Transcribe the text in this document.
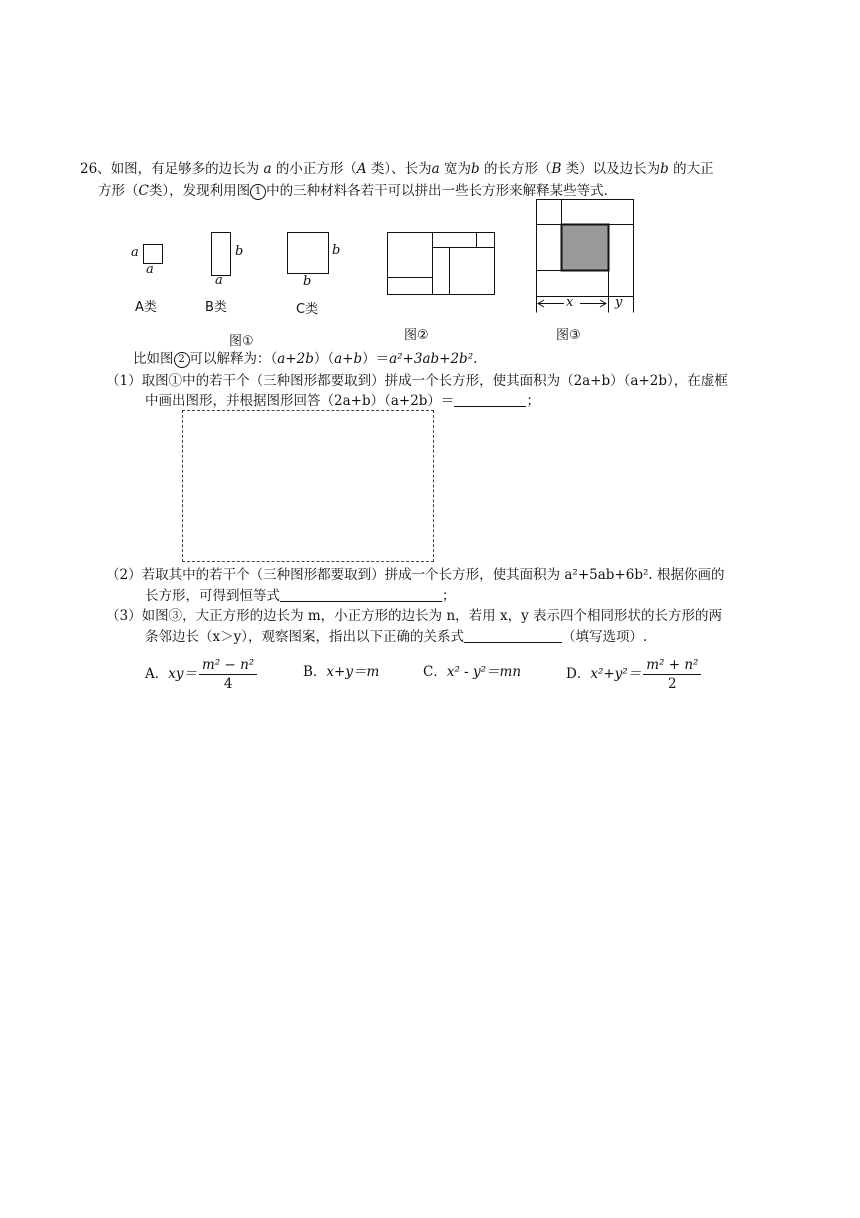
26、如图，有足够多的边长为 a 的小正方形（A 类）、长为a 宽为b 的长方形（B 类）以及边长为b 的大正
方形（C类），发现利用图 1 中的三种材料各若干可以拼出一些长方形来解释某些等式.
a
a
A类
b
a
B类
b
b
C类
图①	图②
x	y
图③
比如图 2 可以解释为：（a+2b）（a+b）＝a²+3ab+2b².
（1）取图①中的若干个（三种图形都要取到）拼成一个长方形，使其面积为（2a+b）（a+2b），在虚框
中画出图形，并根据图形回答（2a+b）（a+2b）＝	；
（2）若取其中的若干个（三种图形都要取到）拼成一个长方形，使其面积为 a²+5ab+6b². 根据你画的
长方形，可得到恒等式	；
（3）如图③，大正方形的边长为 m，小正方形的边长为 n，若用 x，y 表示四个相同形状的长方形的两
条邻边长（x＞y），观察图案，指出以下正确的关系式	（填写选项）.
A．$xy= \frac{\text{m² − n²}}{4}$	B．x+y＝m	C．x² - y²＝mn	D．$x^2+y^2= \frac{\text{m² + n²}}{2}$
